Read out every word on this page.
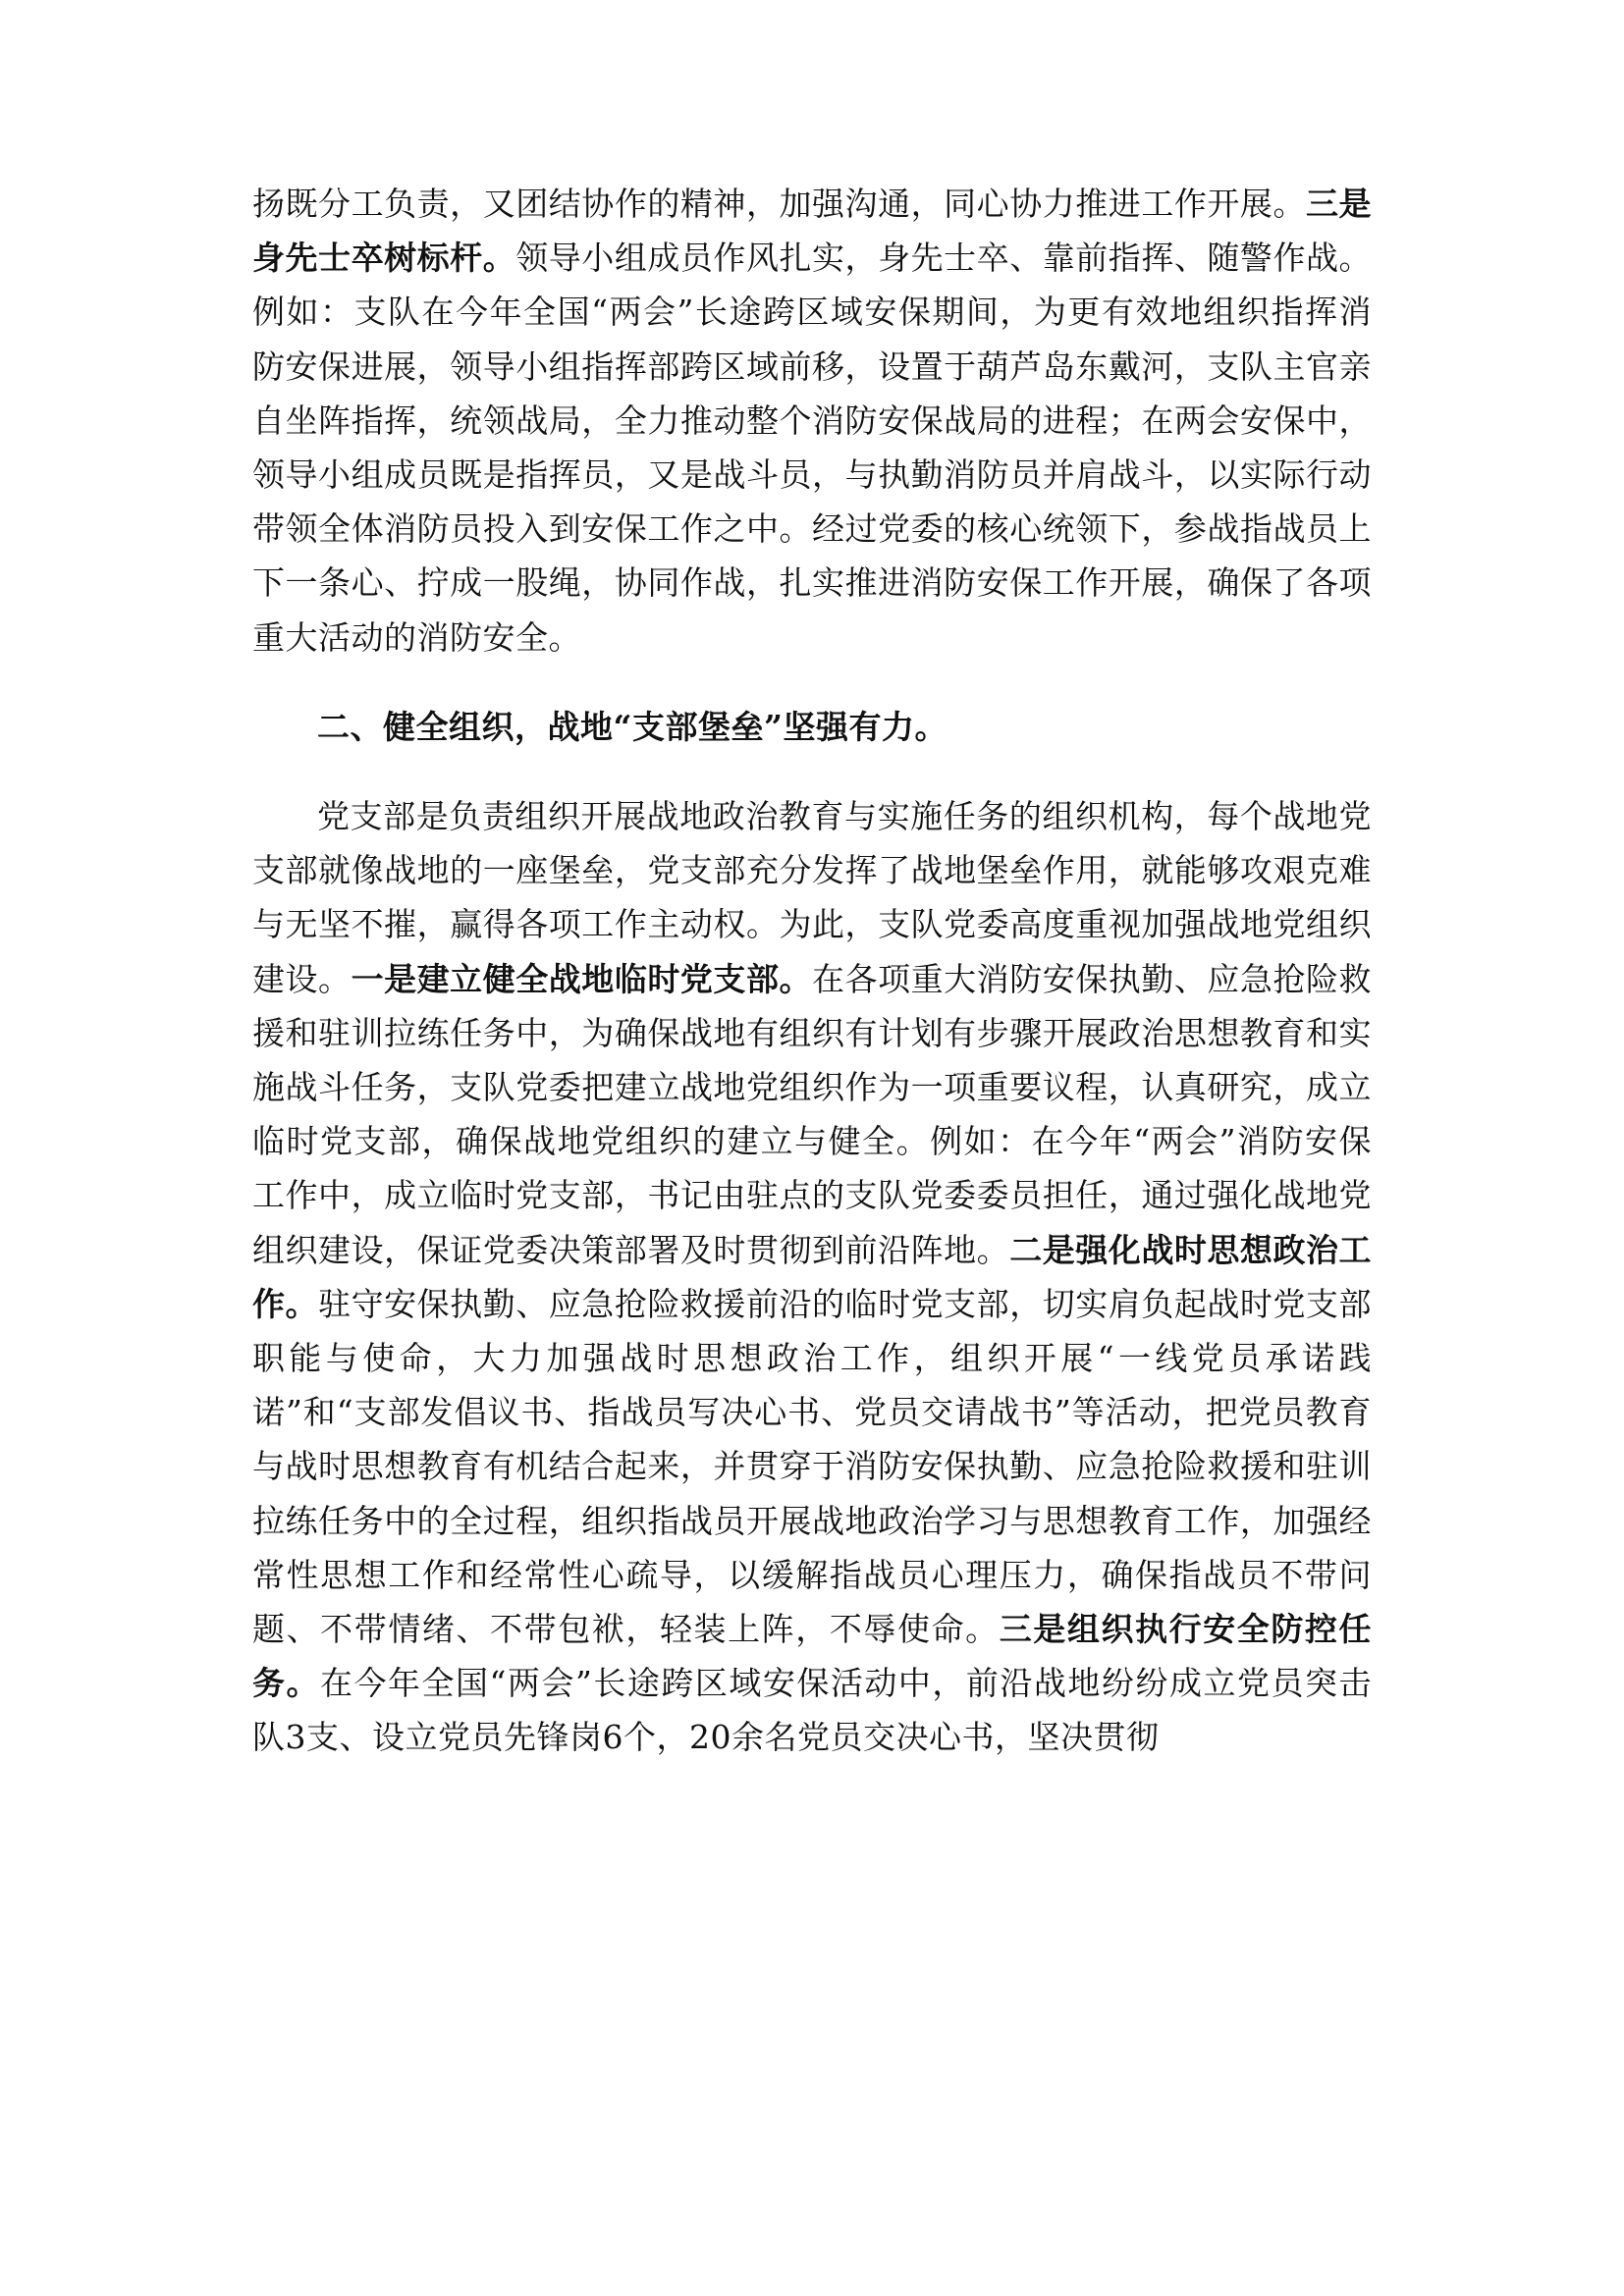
扬既分工负责，又团结协作的精神，加强沟通，同心协力推进工作开展。三是身先士卒树标杆。领导小组成员作风扎实，身先士卒、靠前指挥、随警作战。例如：支队在今年全国“两会”长途跨区域安保期间，为更有效地组织指挥消防安保进展，领导小组指挥部跨区域前移，设置于葫芦岛东戴河，支队主官亲自坐阵指挥，统领战局，全力推动整个消防安保战局的进程；在两会安保中，领导小组成员既是指挥员，又是战斗员，与执勤消防员并肩战斗，以实际行动带领全体消防员投入到安保工作之中。经过党委的核心统领下，参战指战员上下一条心、拧成一股绳，协同作战，扎实推进消防安保工作开展，确保了各项重大活动的消防安全。

二、健全组织，战地“支部堡垒”坚强有力。

党支部是负责组织开展战地政治教育与实施任务的组织机构，每个战地党支部就像战地的一座堡垒，党支部充分发挥了战地堡垒作用，就能够攻艰克难与无坚不摧，赢得各项工作主动权。为此，支队党委高度重视加强战地党组织建设。一是建立健全战地临时党支部。在各项重大消防安保执勤、应急抢险救援和驻训拉练任务中，为确保战地有组织有计划有步骤开展政治思想教育和实施战斗任务，支队党委把建立战地党组织作为一项重要议程，认真研究，成立临时党支部，确保战地党组织的建立与健全。例如：在今年“两会”消防安保工作中，成立临时党支部，书记由驻点的支队党委委员担任，通过强化战地党组织建设，保证党委决策部署及时贯彻到前沿阵地。二是强化战时思想政治工作。驻守安保执勤、应急抢险救援前沿的临时党支部，切实肩负起战时党支部职能与使命，大力加强战时思想政治工作，组织开展“一线党员承诺践诺”和“支部发倡议书、指战员写决心书、党员交请战书”等活动，把党员教育与战时思想教育有机结合起来，并贯穿于消防安保执勤、应急抢险救援和驻训拉练任务中的全过程，组织指战员开展战地政治学习与思想教育工作，加强经常性思想工作和经常性心疏导，以缓解指战员心理压力，确保指战员不带问题、不带情绪、不带包袱，轻装上阵，不辱使命。三是组织执行安全防控任务。在今年全国“两会”长途跨区域安保活动中，前沿战地纷纷成立党员突击队3支、设立党员先锋岗6个，20余名党员交决心书，坚决贯彻
